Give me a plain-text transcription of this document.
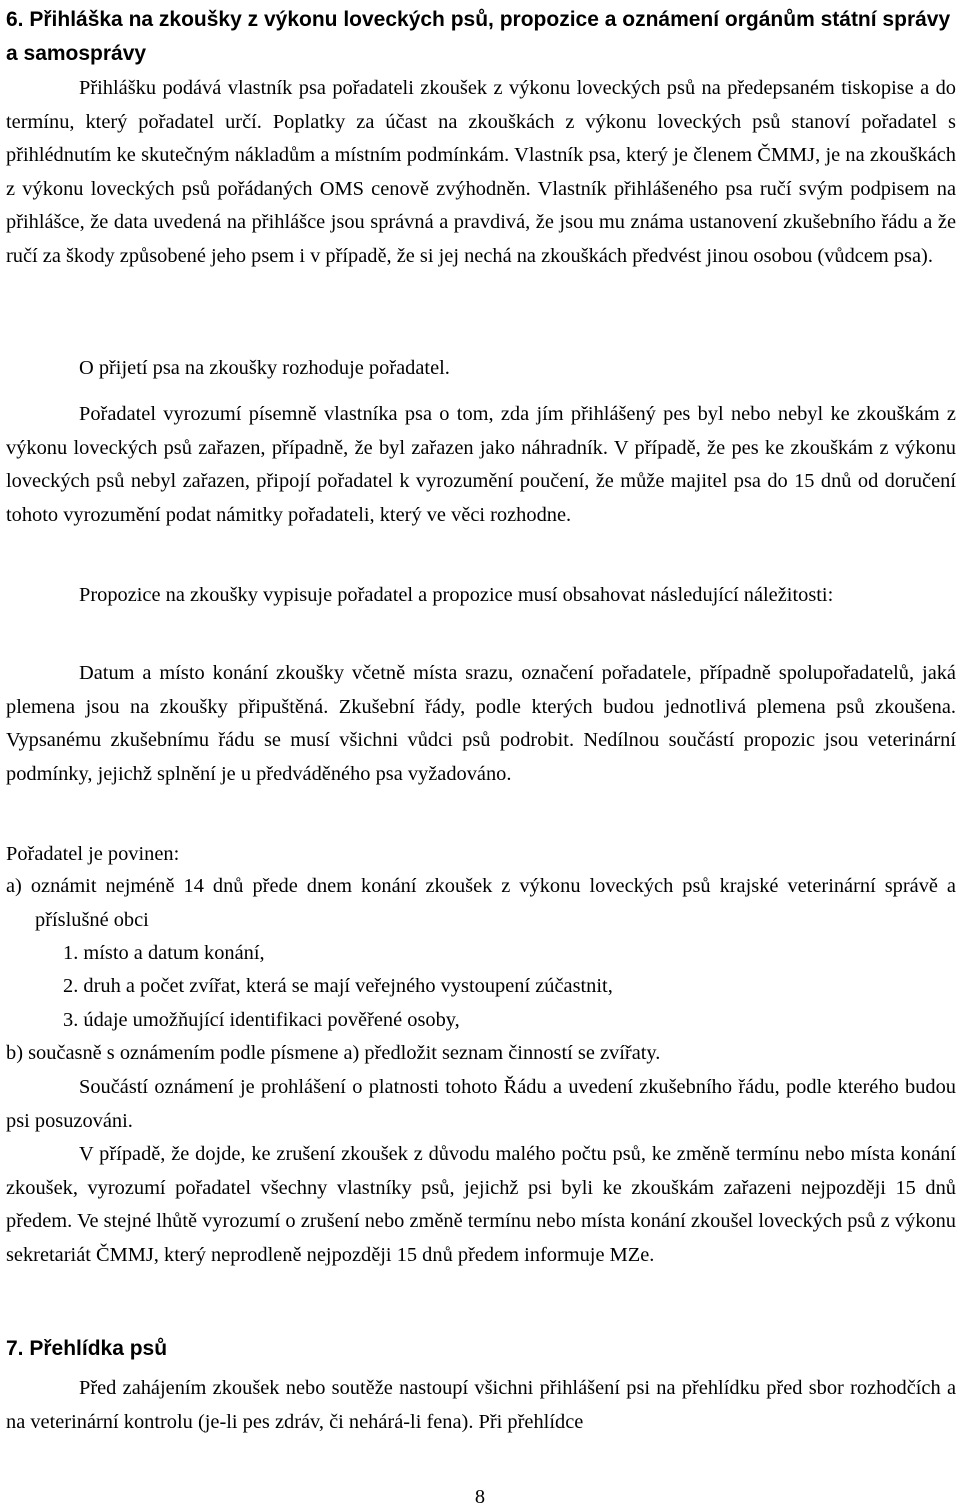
6. Přihláška na zkoušky z výkonu loveckých psů, propozice a oznámení orgánům státní správy a samosprávy

Přihlášku podává vlastník psa pořadateli zkoušek z výkonu loveckých psů na předepsaném tiskopise a do termínu, který pořadatel určí. Poplatky za účast na zkouškách z výkonu loveckých psů stanoví pořadatel s přihlédnutím ke skutečným nákladům a místním podmínkám. Vlastník psa, který je členem ČMMJ, je na zkouškách z výkonu loveckých psů pořádaných OMS cenově zvýhodněn. Vlastník přihlášeného psa ručí svým podpisem na přihlášce, že data uvedená na přihlášce jsou správná a pravdivá, že jsou mu známa ustanovení zkušebního řádu a že ručí za škody způsobené jeho psem i v případě, že si jej nechá na zkouškách předvést jinou osobou (vůdcem psa).

O přijetí psa na zkoušky rozhoduje pořadatel.

Pořadatel vyrozumí písemně vlastníka psa o tom, zda jím přihlášený pes byl nebo nebyl ke zkouškám z výkonu loveckých psů zařazen, případně, že byl zařazen jako náhradník. V případě, že pes ke zkouškám z výkonu loveckých psů nebyl zařazen, připojí pořadatel k vyrozumění poučení, že může majitel psa do 15 dnů od doručení tohoto vyrozumění podat námitky pořadateli, který ve věci rozhodne.

Propozice na zkoušky vypisuje pořadatel a propozice musí obsahovat následující náležitosti:

Datum a místo konání zkoušky včetně místa srazu, označení pořadatele, případně spolupořadatelů, jaká plemena jsou na zkoušky připuštěná. Zkušební řády, podle kterých budou jednotlivá plemena psů zkoušena. Vypsanému zkušebnímu řádu se musí všichni vůdci psů podrobit. Nedílnou součástí propozic jsou veterinární podmínky, jejichž splnění je u předváděného psa vyžadováno.

Pořadatel je povinen:

a) oznámit nejméně 14 dnů přede dnem konání zkoušek z výkonu loveckých psů krajské veterinární správě a příslušné obci

1. místo a datum konání,

2. druh a počet zvířat, která se mají veřejného vystoupení zúčastnit,

3. údaje umožňující identifikaci pověřené osoby,

b) současně s oznámením podle písmene a) předložit seznam činností se zvířaty.

Součástí oznámení je prohlášení o platnosti tohoto Řádu a uvedení zkušebního řádu, podle kterého budou psi posuzováni.

V případě, že dojde, ke zrušení zkoušek z důvodu malého počtu psů, ke změně termínu nebo místa konání zkoušek, vyrozumí pořadatel všechny vlastníky psů, jejichž psi byli ke zkouškám zařazeni nejpozději 15 dnů předem. Ve stejné lhůtě vyrozumí o zrušení nebo změně termínu nebo místa konání zkoušel loveckých psů z výkonu sekretariát ČMMJ, který neprodleně nejpozději 15 dnů předem informuje MZe.

7. Přehlídka psů

Před zahájením zkoušek nebo soutěže nastoupí všichni přihlášení psi na přehlídku před sbor rozhodčích a na veterinární kontrolu (je-li pes zdráv, či nehárá-li fena). Při přehlídce

8
